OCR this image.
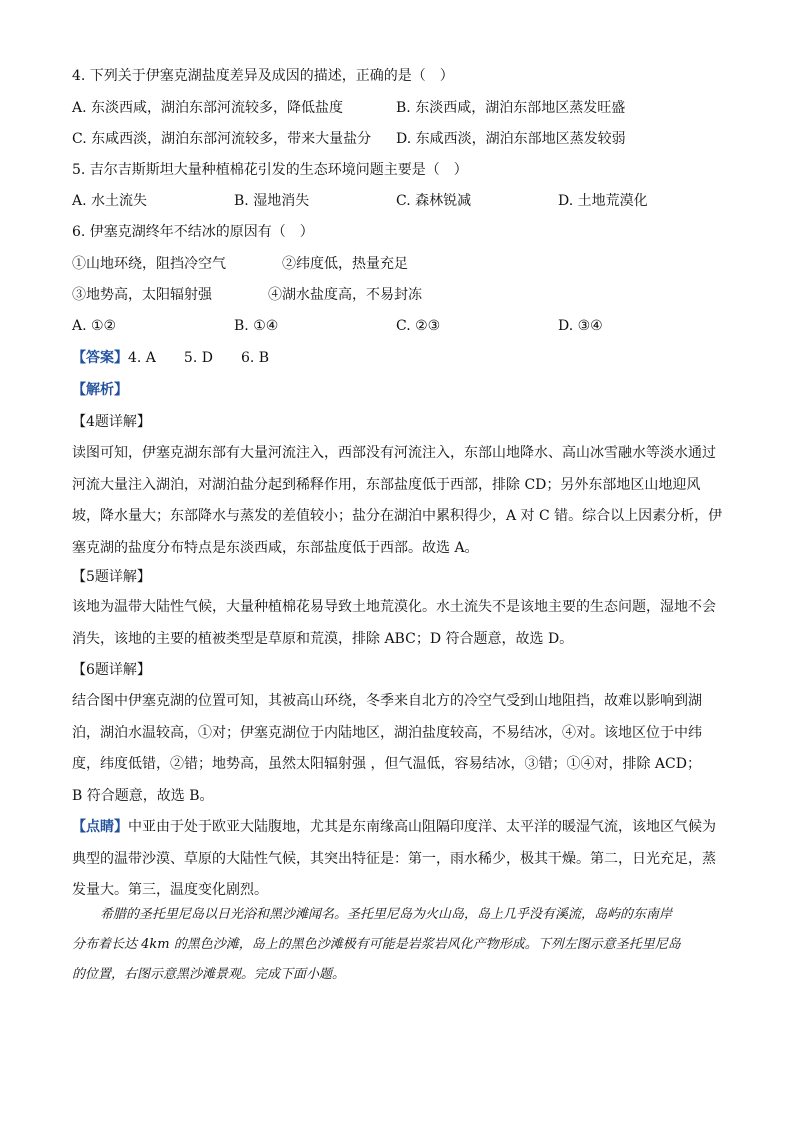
4. 下列关于伊塞克湖盐度差异及成因的描述，正确的是（　）
A. 东淡西咸，湖泊东部河流较多，降低盐度	B. 东淡西咸，湖泊东部地区蒸发旺盛
C. 东咸西淡，湖泊东部河流较多，带来大量盐分 D. 东咸西淡，湖泊东部地区蒸发较弱
5. 吉尔吉斯斯坦大量种植棉花引发的生态环境问题主要是（　）
A. 水土流失	B. 湿地消失	C. 森林锐减	D. 土地荒漠化
6. 伊塞克湖终年不结冰的原因有（　）
①山地环绕，阻挡冷空气	②纬度低，热量充足
③地势高，太阳辐射强	④湖水盐度高，不易封冻
A. ①②	B. ①④	C. ②③	D. ③④
【答案】4. A　　5. D　　6. B
【解析】
【4题详解】
读图可知，伊塞克湖东部有大量河流注入，西部没有河流注入，东部山地降水、高山冰雪融水等淡水通过
河流大量注入湖泊，对湖泊盐分起到稀释作用，东部盐度低于西部，排除 CD；另外东部地区山地迎风
坡，降水量大；东部降水与蒸发的差值较小；盐分在湖泊中累积得少，A 对 C 错。综合以上因素分析，伊
塞克湖的盐度分布特点是东淡西咸，东部盐度低于西部。故选 A。
【5题详解】
该地为温带大陆性气候，大量种植棉花易导致土地荒漠化。水土流失不是该地主要的生态问题，湿地不会
消失，该地的主要的植被类型是草原和荒漠，排除 ABC；D 符合题意，故选 D。
【6题详解】
结合图中伊塞克湖的位置可知，其被高山环绕，冬季来自北方的冷空气受到山地阻挡，故难以影响到湖
泊，湖泊水温较高，①对；伊塞克湖位于内陆地区，湖泊盐度较高，不易结冰，④对。该地区位于中纬
度，纬度低错，②错；地势高，虽然太阳辐射强 ，但气温低，容易结冰，③错；①④对，排除 ACD；
B 符合题意，故选 B。
【点睛】中亚由于处于欧亚大陆腹地，尤其是东南缘高山阻隔印度洋、太平洋的暖湿气流，该地区气候为
典型的温带沙漠、草原的大陆性气候，其突出特征是：第一，雨水稀少，极其干燥。第二，日光充足，蒸
发量大。第三，温度变化剧烈。
希腊的圣托里尼岛以日光浴和黑沙滩闻名。圣托里尼岛为火山岛，岛上几乎没有溪流，岛屿的东南岸
分布着长达 4km 的黑色沙滩，岛上的黑色沙滩极有可能是岩浆岩风化产物形成。下列左图示意圣托里尼岛
的位置，右图示意黑沙滩景观。完成下面小题。
